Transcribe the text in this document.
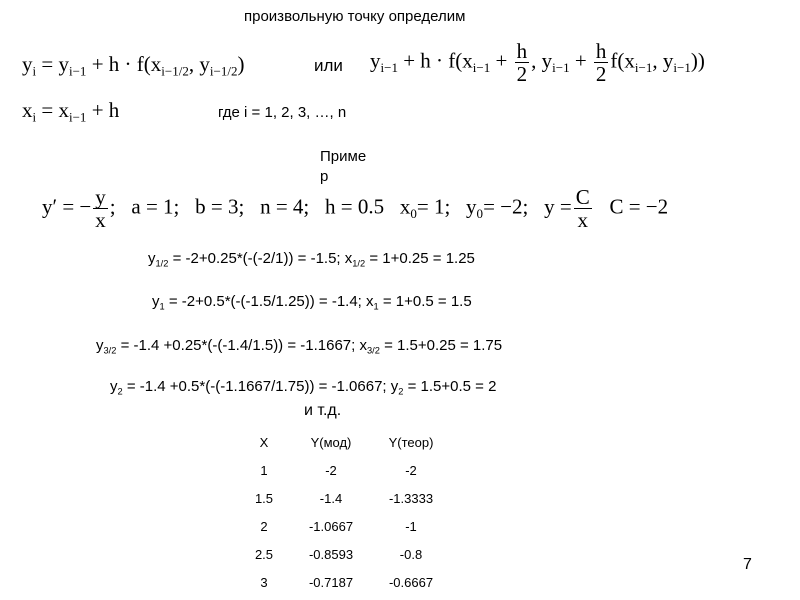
произвольную точку определим
$y_i = y_{i-1} + h \cdot f(x_{i-1/2}$, $y_{i-1/2}$)	или $y_{i-1} + h \cdot f(x_{i-1} + \frac{h}{2}$ , $y_{i-1} + \frac{h}{2} f(x_{i-1}$, $y_{i-1}$))
$x_i = x_{i-1} + h$	где i = 1, 2, 3, …, n
Приме
р
y′ = − $\frac{y}{x}$ ;   a = 1; b = 3; n = 4; h = 0.5 $x_0= 1$; $y_0= -2$; $y = \frac{C}{x}$ C = −2
$y_{1/2} = -2+0.25*(-(-2/1)) = -1.5$; $x_{1/2} = 1+0.25 = 1.25$
$y_1 = -2+0.5*(-(-1.5/1.25)) = -1.4$; $x_1 = 1+0.5 = 1.5$
$y_{3/2} = -1.4 +0.25*(-(-1.4/1.5)) = -1.1667$; $x_{3/2} = 1.5+0.25 = 1.75$
$y_2 = -1.4 +0.5*(-(-1.1667/1.75)) = -1.0667$; $y_2 = 1.5+0.5 = 2$
и т.д.
X	Y(мод)	Y(теор)
1	-2	-2
1.5	-1.4	-1.3333
2	-1.0667	-1
2.5	-0.8593	-0.8
3	-0.7187	-0.6667
7
